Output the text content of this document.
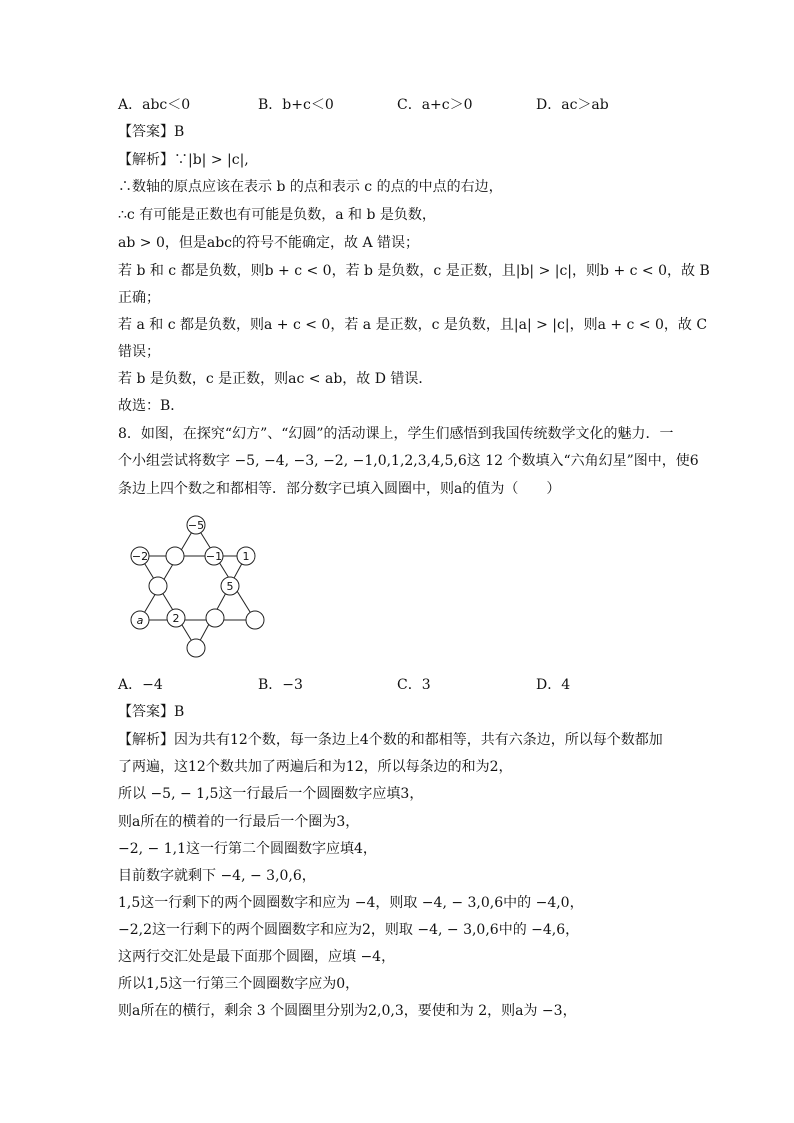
A．abc＜0	B．b+c＜0	C．a+c＞0	D．ac＞ab
【答案】B
【解析】∵|b| > |c|,
∴数轴的原点应该在表示 b 的点和表示 c 的点的中点的右边，
∴c 有可能是正数也有可能是负数，a 和 b 是负数，
ab > 0，但是abc的符号不能确定，故 A 错误；
若 b 和 c 都是负数，则b + c < 0，若 b 是负数，c 是正数，且|b| > |c|，则b + c < 0，故 B
正确；
若 a 和 c 都是负数，则a + c < 0，若 a 是正数，c 是负数，且|a| > |c|，则a + c < 0，故 C
错误；
若 b 是负数，c 是正数，则ac < ab，故 D 错误．
故选：B．
8．如图，在探究“幻方”、“幻圆”的活动课上，学生们感悟到我国传统数学文化的魅力．一
个小组尝试将数字 −5, −4, −3, −2, −1,0,1,2,3,4,5,6这 12 个数填入“六角幻星”图中，使6
条边上四个数之和都相等．部分数字已填入圆圈中，则a的值为（　　）
−5
−2	−1 1
5
a	2
A．−4	B．−3	C．3	D．4
【答案】B
【解析】因为共有12个数，每一条边上4个数的和都相等，共有六条边，所以每个数都加
了两遍，这12个数共加了两遍后和为12，所以每条边的和为2，
所以 −5, − 1,5这一行最后一个圆圈数字应填3，
则a所在的横着的一行最后一个圈为3，
−2, − 1,1这一行第二个圆圈数字应填4，
目前数字就剩下 −4, − 3,0,6，
1,5这一行剩下的两个圆圈数字和应为 −4，则取 −4, − 3,0,6中的 −4,0，
−2,2这一行剩下的两个圆圈数字和应为2，则取 −4, − 3,0,6中的 −4,6，
这两行交汇处是最下面那个圆圈，应填 −4，
所以1,5这一行第三个圆圈数字应为0，
则a所在的横行，剩余 3 个圆圈里分别为2,0,3，要使和为 2，则a为 −3，
